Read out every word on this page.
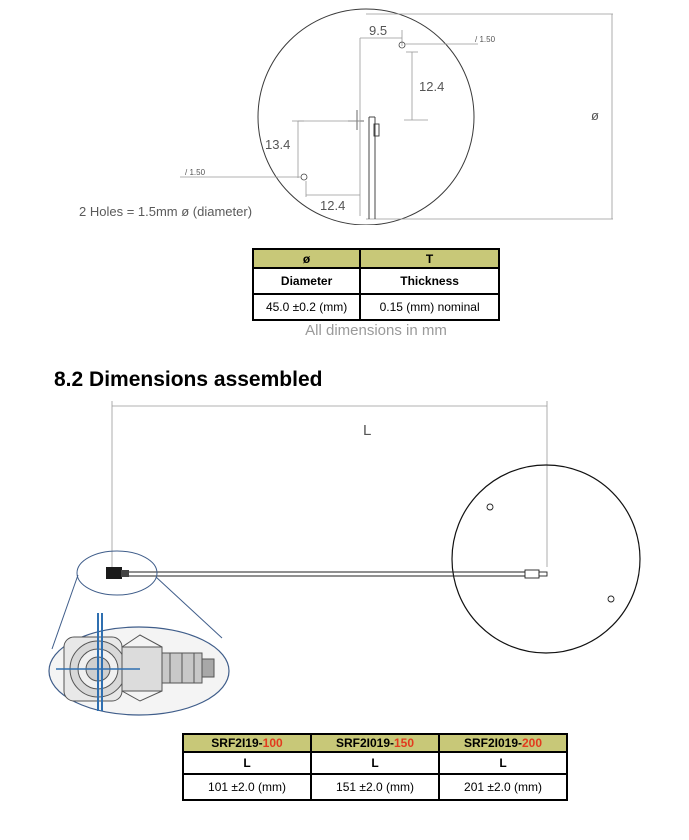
ø
9.5
/ 1.50
12.4
13.4
/ 1.50
12.4
2 Holes = 1.5mm ø (diameter)
ø	T
Diameter	Thickness
45.0 ±0.2 (mm)	0.15 (mm) nominal
All dimensions in mm
8.2 Dimensions assembled
L
SRF2I19-100	SRF2I019-150	SRF2I019-200
L	L	L
101 ±2.0 (mm)	151 ±2.0 (mm)	201 ±2.0 (mm)
